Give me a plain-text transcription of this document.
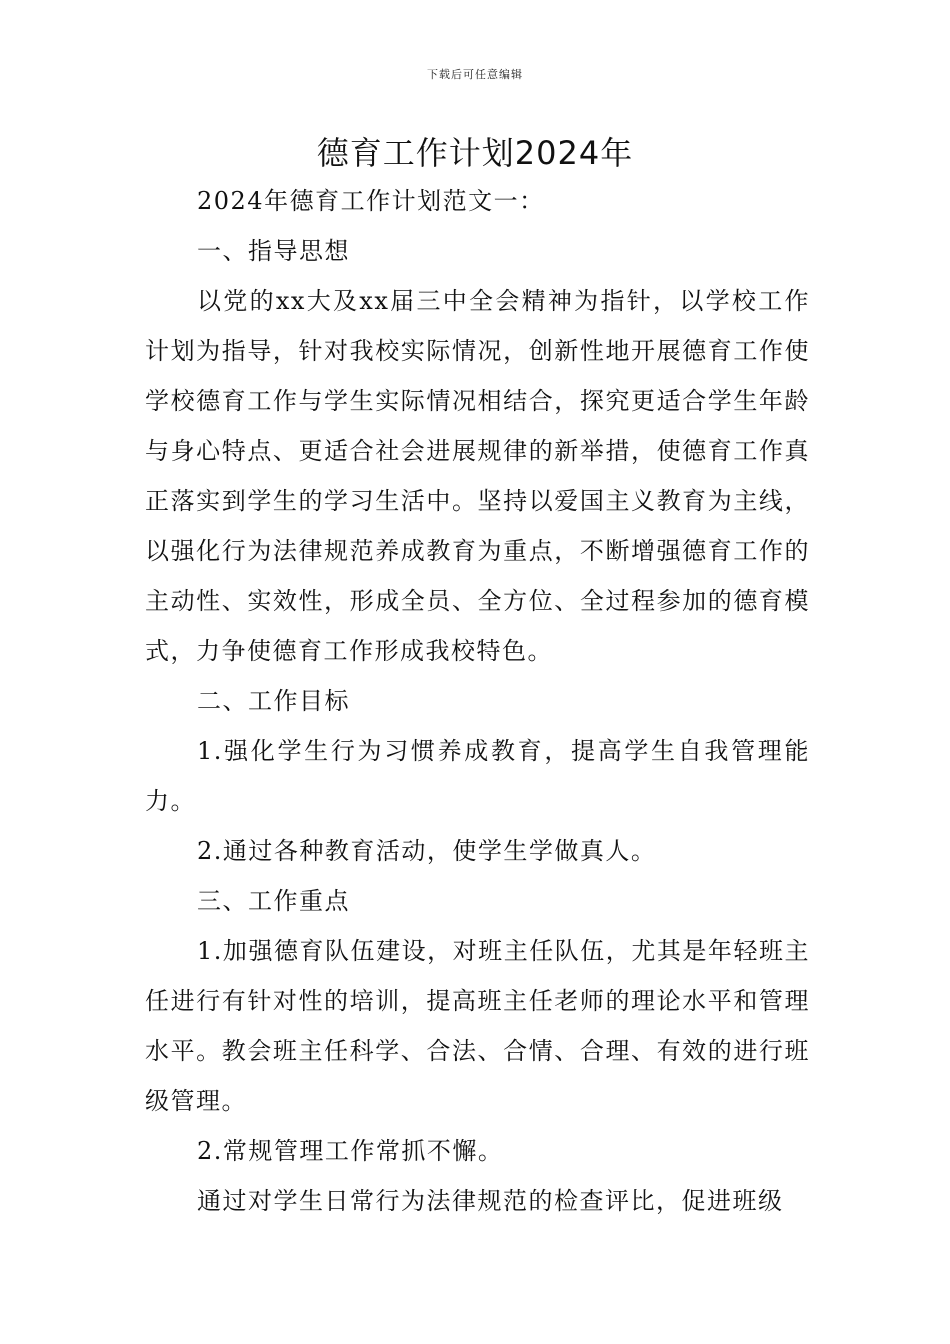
下载后可任意编辑
德育工作计划2024年

2024年德育工作计划范文一：

一、指导思想

以党的xx大及xx届三中全会精神为指针，以学校工作计划为指导，针对我校实际情况，创新性地开展德育工作使学校德育工作与学生实际情况相结合，探究更适合学生年龄与身心特点、更适合社会进展规律的新举措，使德育工作真正落实到学生的学习生活中。坚持以爱国主义教育为主线，以强化行为法律规范养成教育为重点，不断增强德育工作的主动性、实效性，形成全员、全方位、全过程参加的德育模式，力争使德育工作形成我校特色。

二、工作目标

1.强化学生行为习惯养成教育，提高学生自我管理能力。

2.通过各种教育活动，使学生学做真人。

三、工作重点

1.加强德育队伍建设，对班主任队伍，尤其是年轻班主任进行有针对性的培训，提高班主任老师的理论水平和管理水平。教会班主任科学、合法、合情、合理、有效的进行班级管理。

2.常规管理工作常抓不懈。

通过对学生日常行为法律规范的检查评比，促进班级
